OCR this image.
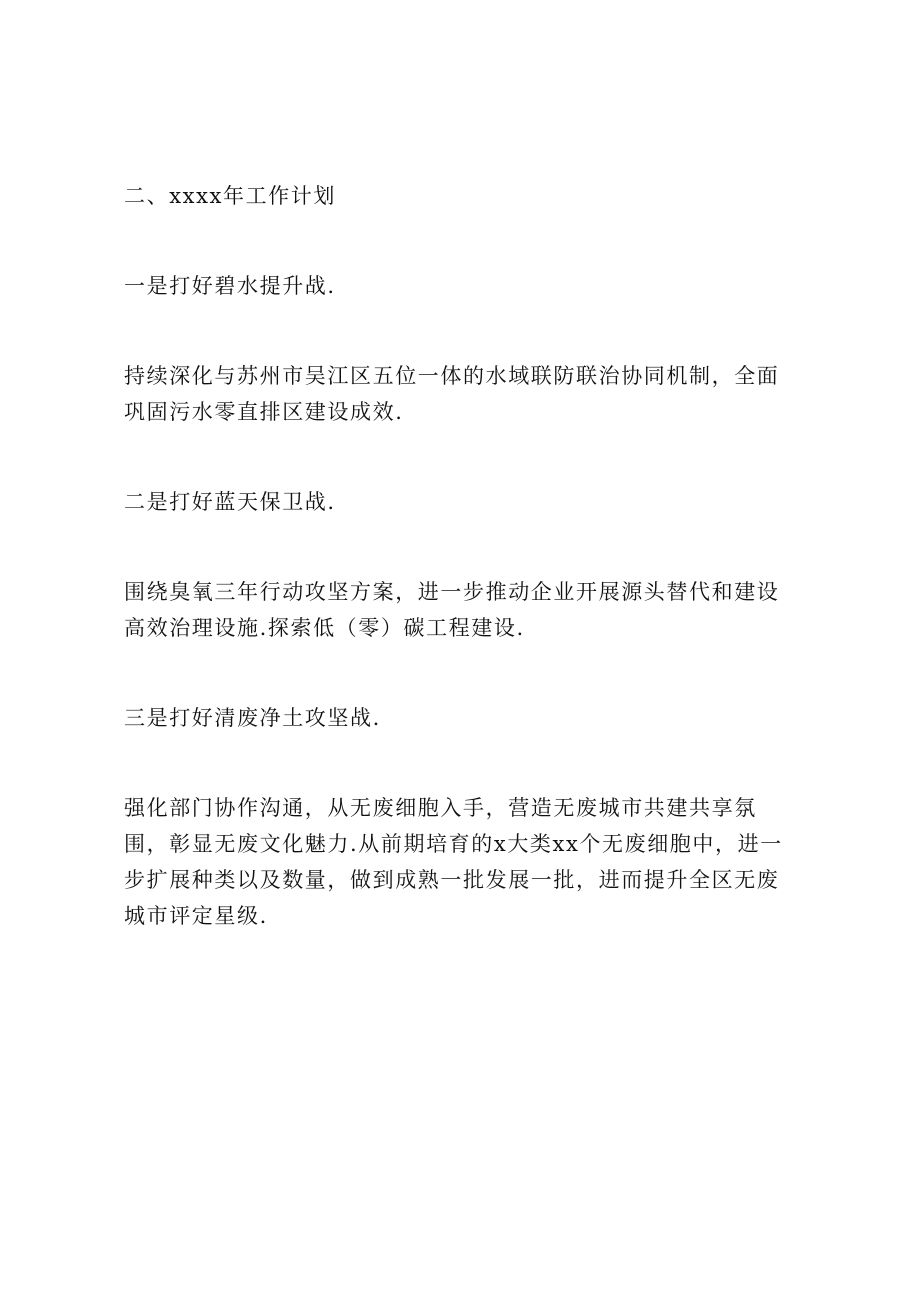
二、xxxx年工作计划

一是打好碧水提升战.

持续深化与苏州市吴江区五位一体的水域联防联治协同机制，全面巩固污水零直排区建设成效.

二是打好蓝天保卫战.

围绕臭氧三年行动攻坚方案，进一步推动企业开展源头替代和建设高效治理设施.探索低（零）碳工程建设.

三是打好清废净土攻坚战.

强化部门协作沟通，从无废细胞入手，营造无废城市共建共享氛围，彰显无废文化魅力.从前期培育的x大类xx个无废细胞中，进一步扩展种类以及数量，做到成熟一批发展一批，进而提升全区无废城市评定星级.
